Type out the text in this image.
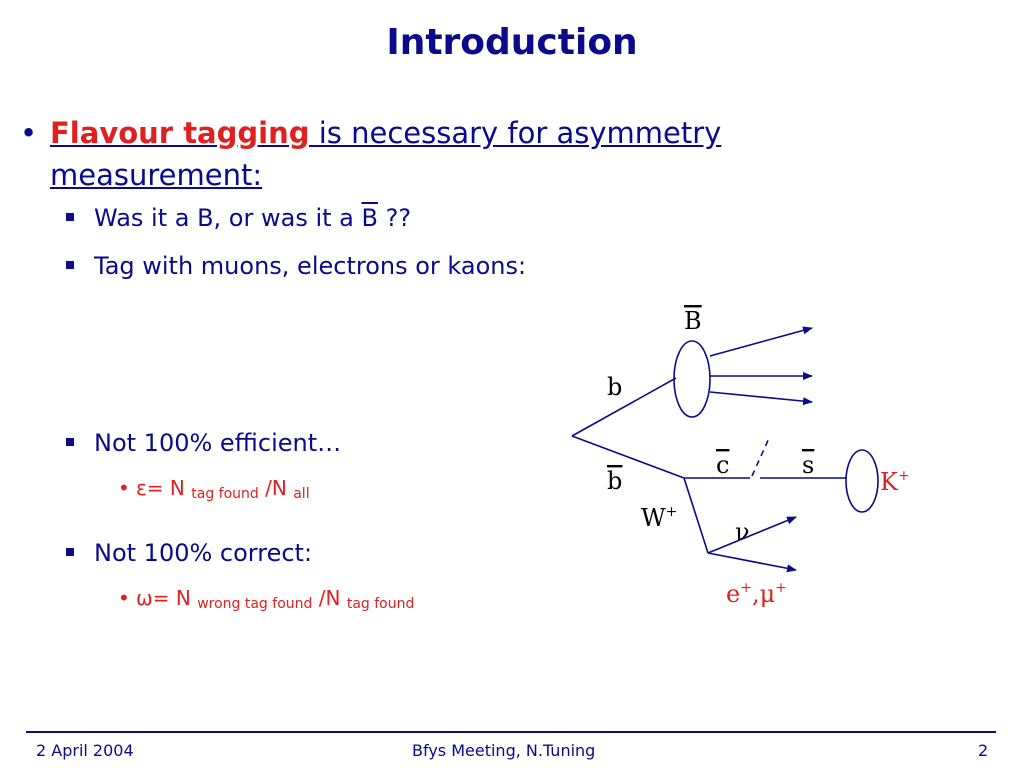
Introduction
• Flavour tagging is necessary for asymmetry measurement:
Was it a B, or was it a $\overline{B}$ ??
Tag with muons, electrons or kaons:
Not 100% efficient…
• ε= N $_{tag found}$ /N $_{all}$
Not 100% correct:
• ω= N $_{wrong tag found}$ /N $_{tag found}$
B
b
b
W+
c	s
ν
K+
e+,μ+
2 April 2004	Bfys Meeting, N.Tuning	2
